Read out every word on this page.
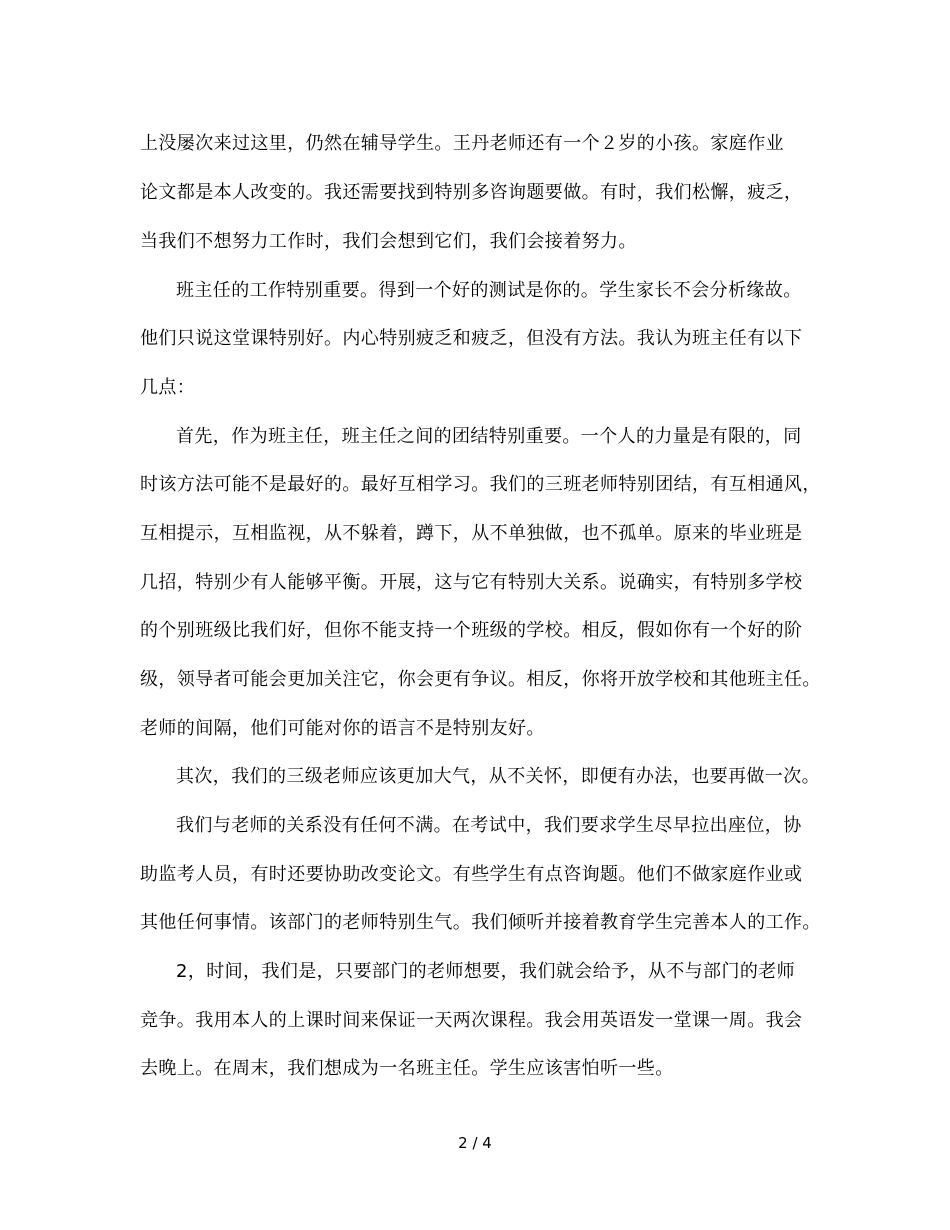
上没屡次来过这里，仍然在辅导学生。王丹老师还有一个２岁的小孩。家庭作业
论文都是本人改变的。我还需要找到特别多咨询题要做。有时，我们松懈，疲乏，
当我们不想努力工作时，我们会想到它们，我们会接着努力。
班主任的工作特别重要。得到一个好的测试是你的。学生家长不会分析缘故。
他们只说这堂课特别好。内心特别疲乏和疲乏，但没有方法。我认为班主任有以下
几点：
首先，作为班主任，班主任之间的团结特别重要。一个人的力量是有限的，同
时该方法可能不是最好的。最好互相学习。我们的三班老师特别团结，有互相通风，
互相提示，互相监视，从不躲着，蹲下，从不单独做，也不孤单。原来的毕业班是
几招，特别少有人能够平衡。开展，这与它有特别大关系。说确实，有特别多学校
的个别班级比我们好，但你不能支持一个班级的学校。相反，假如你有一个好的阶
级，领导者可能会更加关注它，你会更有争议。相反，你将开放学校和其他班主任。
老师的间隔，他们可能对你的语言不是特别友好。
其次，我们的三级老师应该更加大气，从不关怀，即便有办法，也要再做一次。
我们与老师的关系没有任何不满。在考试中，我们要求学生尽早拉出座位，协
助监考人员，有时还要协助改变论文。有些学生有点咨询题。他们不做家庭作业或
其他任何事情。该部门的老师特别生气。我们倾听并接着教育学生完善本人的工作。
2，时间，我们是，只要部门的老师想要，我们就会给予，从不与部门的老师
竞争。我用本人的上课时间来保证一天两次课程。我会用英语发一堂课一周。我会
去晚上。在周末，我们想成为一名班主任。学生应该害怕听一些。
2 / 4
